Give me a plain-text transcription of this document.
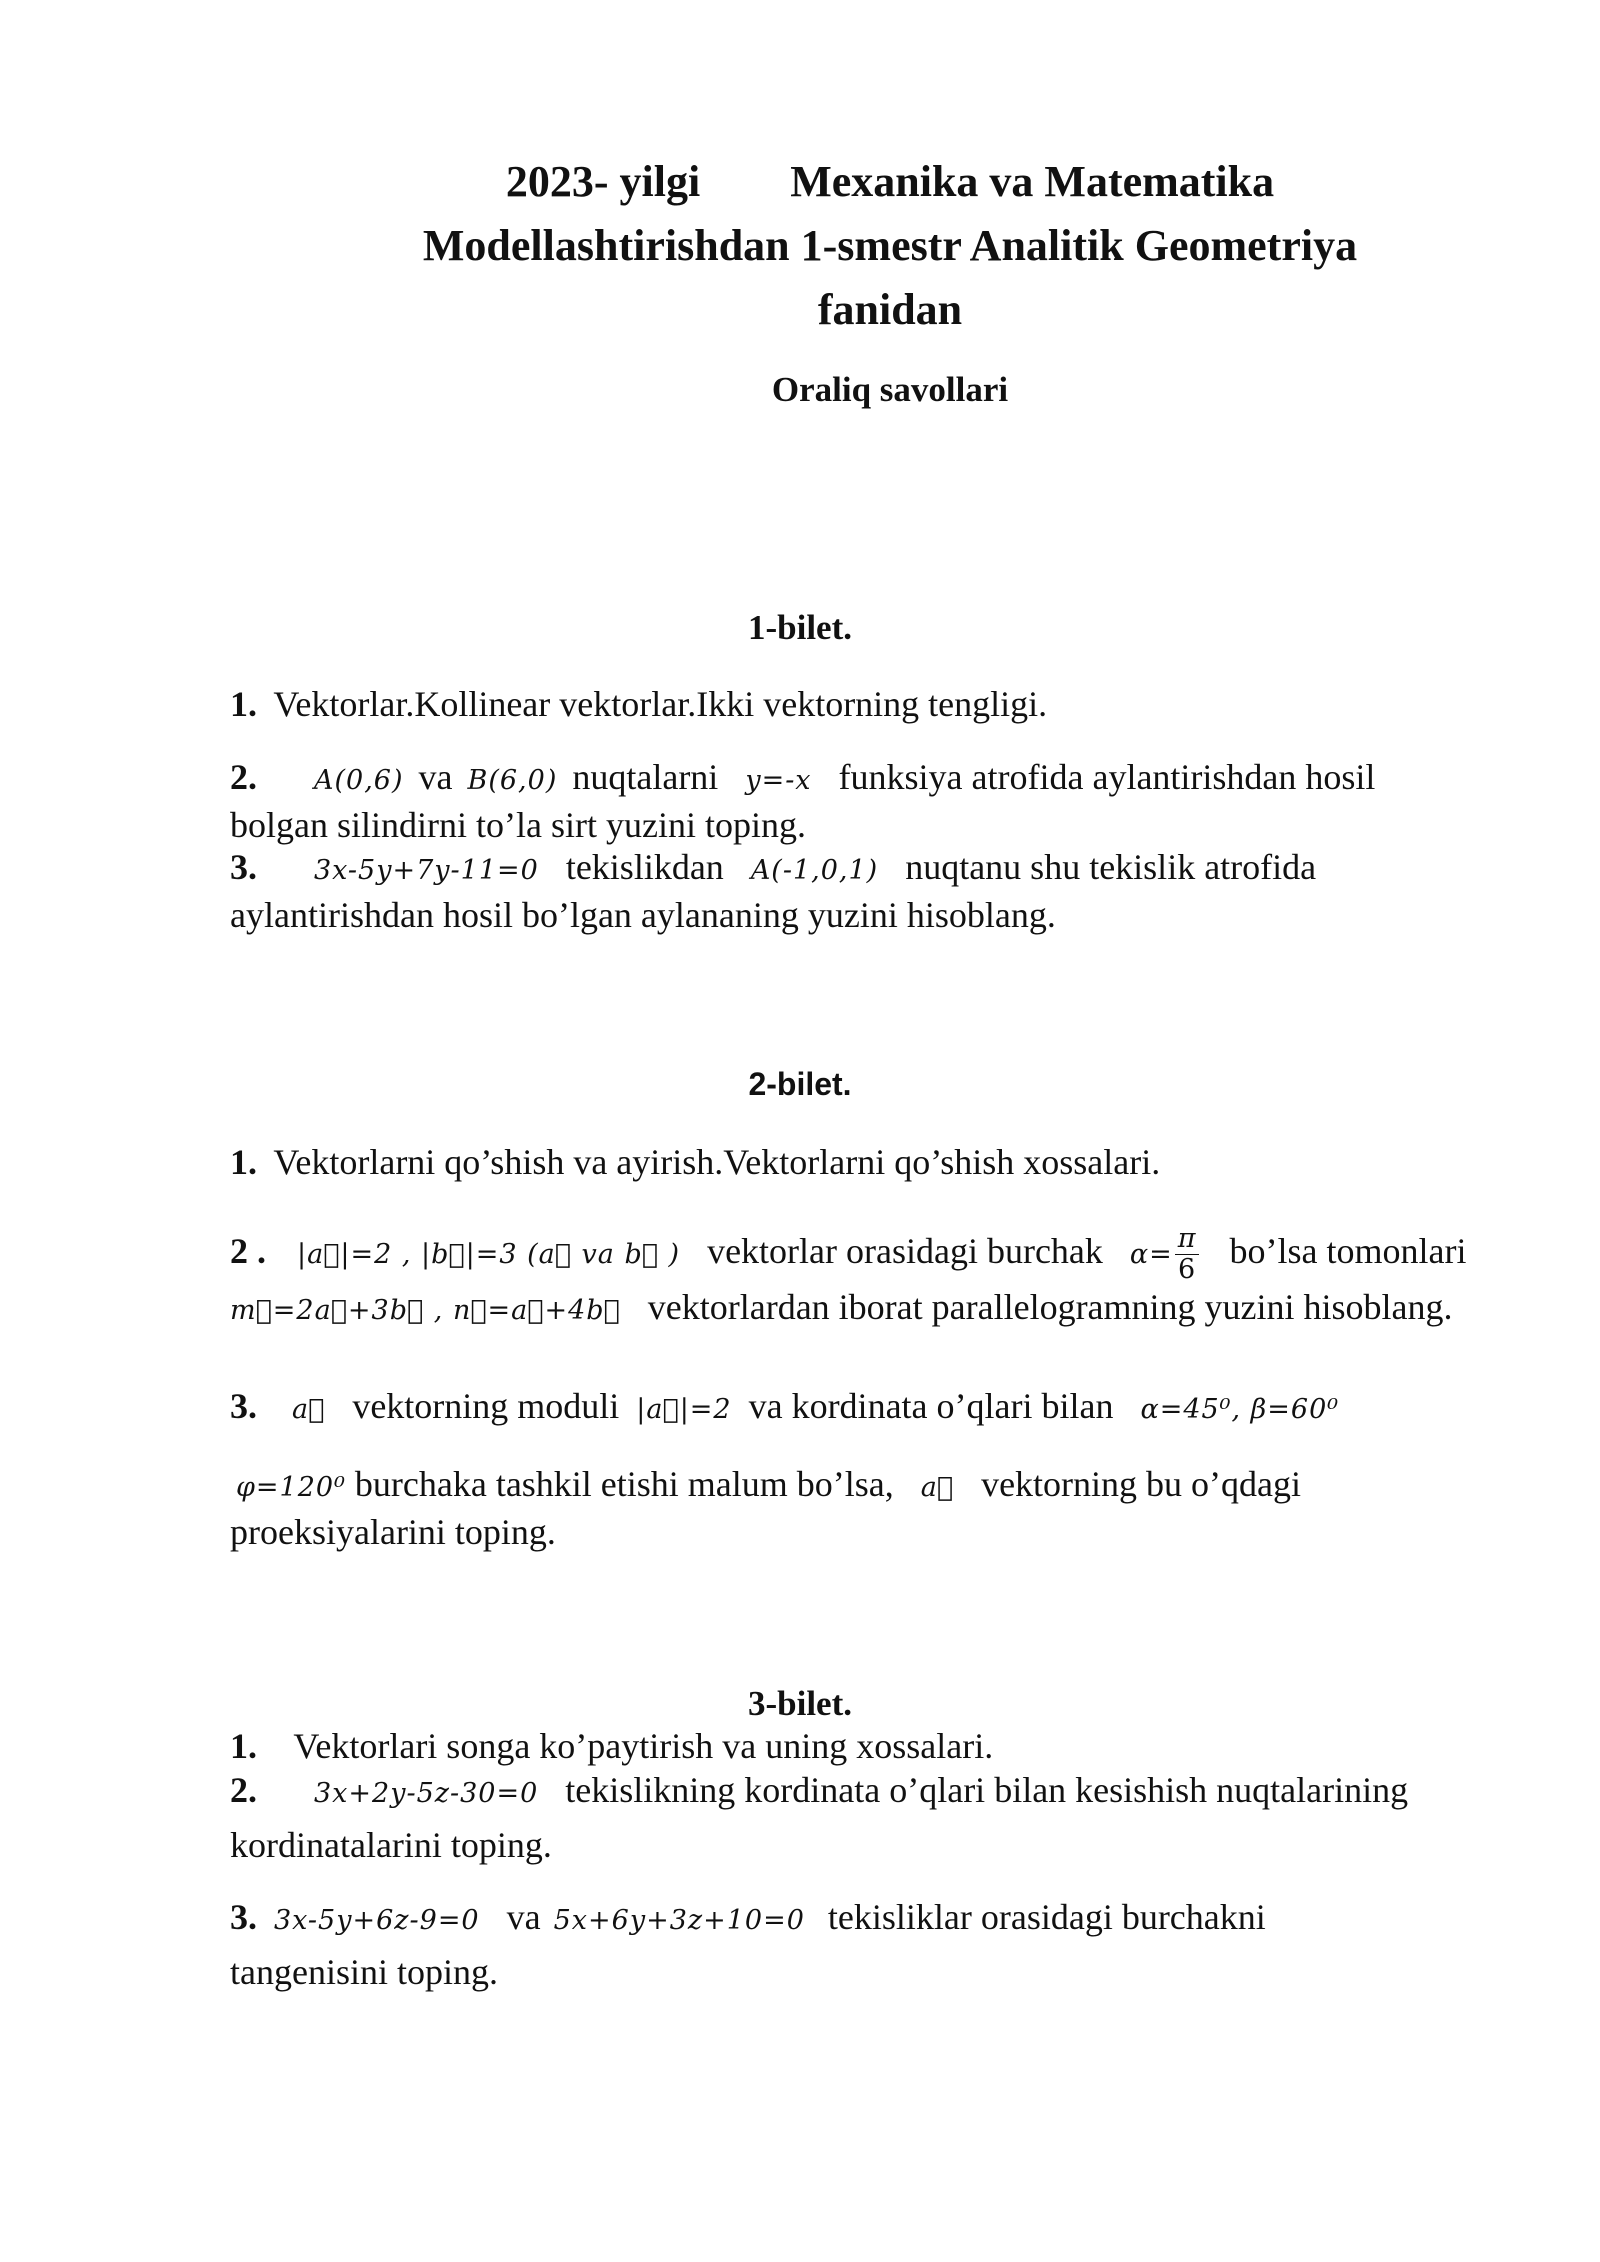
2023- yilgi Mexanika va Matematika
Modellashtirishdan 1-smestr Analitik Geometriya
fanidan
Oraliq savollari
1-bilet.
1. Vektorlar.Kollinear vektorlar.Ikki vektorning tengligi.
2. A(0,6) va B(6,0) nuqtalarni y=-x funksiya atrofida aylantirishdan hosil
bolgan silindirni to’la sirt yuzini toping.
3. 3x-5y+7y-11=0 tekislikdan A(-1,0,1) nuqtanu shu tekislik atrofida
aylantirishdan hosil bo’lgan aylananing yuzini hisoblang.
2-bilet.
1. Vektorlarni qo’shish va ayirish.Vektorlarni qo’shish xossalari.
2 . |a⃗|=2 , |b⃗|=3 (a⃗ va b⃗ ) vektorlar orasidagi burchak $\alpha= \frac{\pi}{6}$ bo’lsa tomonlari
m⃗=2a⃗+3b⃗ , n⃗=a⃗+4b⃗ vektorlardan iborat parallelogramning yuzini hisoblang.
3. a⃗ vektorning moduli |a⃗|=2 va kordinata o’qlari bilan α=45⁰, β=60⁰
φ=120⁰ burchaka tashkil etishi malum bo’lsa, a⃗ vektorning bu o’qdagi
proeksiyalarini toping.
3-bilet.
1. Vektorlari songa ko’paytirish va uning xossalari.
2. 3x+2y-5z-30=0 tekislikning kordinata o’qlari bilan kesishish nuqtalarining
kordinatalarini toping.
3. 3x-5y+6z-9=0 va 5x+6y+3z+10=0 tekisliklar orasidagi burchakni
tangenisini toping.
